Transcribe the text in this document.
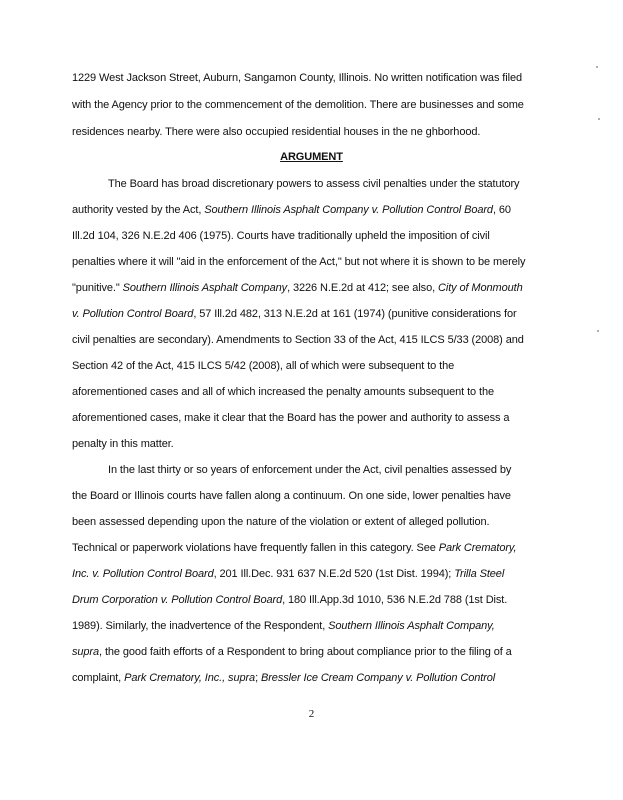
1229 West Jackson Street, Auburn, Sangamon County, Illinois. No written notification was filed
with the Agency prior to the commencement of the demolition. There are businesses and some
residences nearby. There were also occupied residential houses in the ne ghborhood.
ARGUMENT
The Board has broad discretionary powers to assess civil penalties under the statutory
authority vested by the Act, Southern Illinois Asphalt Company v. Pollution Control Board, 60
Ill.2d 104, 326 N.E.2d 406 (1975). Courts have traditionally upheld the imposition of civil
penalties where it will "aid in the enforcement of the Act," but not where it is shown to be merely
"punitive." Southern Illinois Asphalt Company, 3226 N.E.2d at 412; see also, City of Monmouth
v. Pollution Control Board, 57 Ill.2d 482, 313 N.E.2d at 161 (1974) (punitive considerations for
civil penalties are secondary). Amendments to Section 33 of the Act, 415 ILCS 5/33 (2008) and
Section 42 of the Act, 415 ILCS 5/42 (2008), all of which were subsequent to the
aforementioned cases and all of which increased the penalty amounts subsequent to the
aforementioned cases, make it clear that the Board has the power and authority to assess a
penalty in this matter.
In the last thirty or so years of enforcement under the Act, civil penalties assessed by
the Board or Illinois courts have fallen along a continuum. On one side, lower penalties have
been assessed depending upon the nature of the violation or extent of alleged pollution.
Technical or paperwork violations have frequently fallen in this category. See Park Crematory,
Inc. v. Pollution Control Board, 201 Ill.Dec. 931 637 N.E.2d 520 (1st Dist. 1994); Trilla Steel
Drum Corporation v. Pollution Control Board, 180 Ill.App.3d 1010, 536 N.E.2d 788 (1st Dist.
1989). Similarly, the inadvertence of the Respondent, Southern Illinois Asphalt Company,
supra, the good faith efforts of a Respondent to bring about compliance prior to the filing of a
complaint, Park Crematory, Inc., supra; Bressler Ice Cream Company v. Pollution Control
2
